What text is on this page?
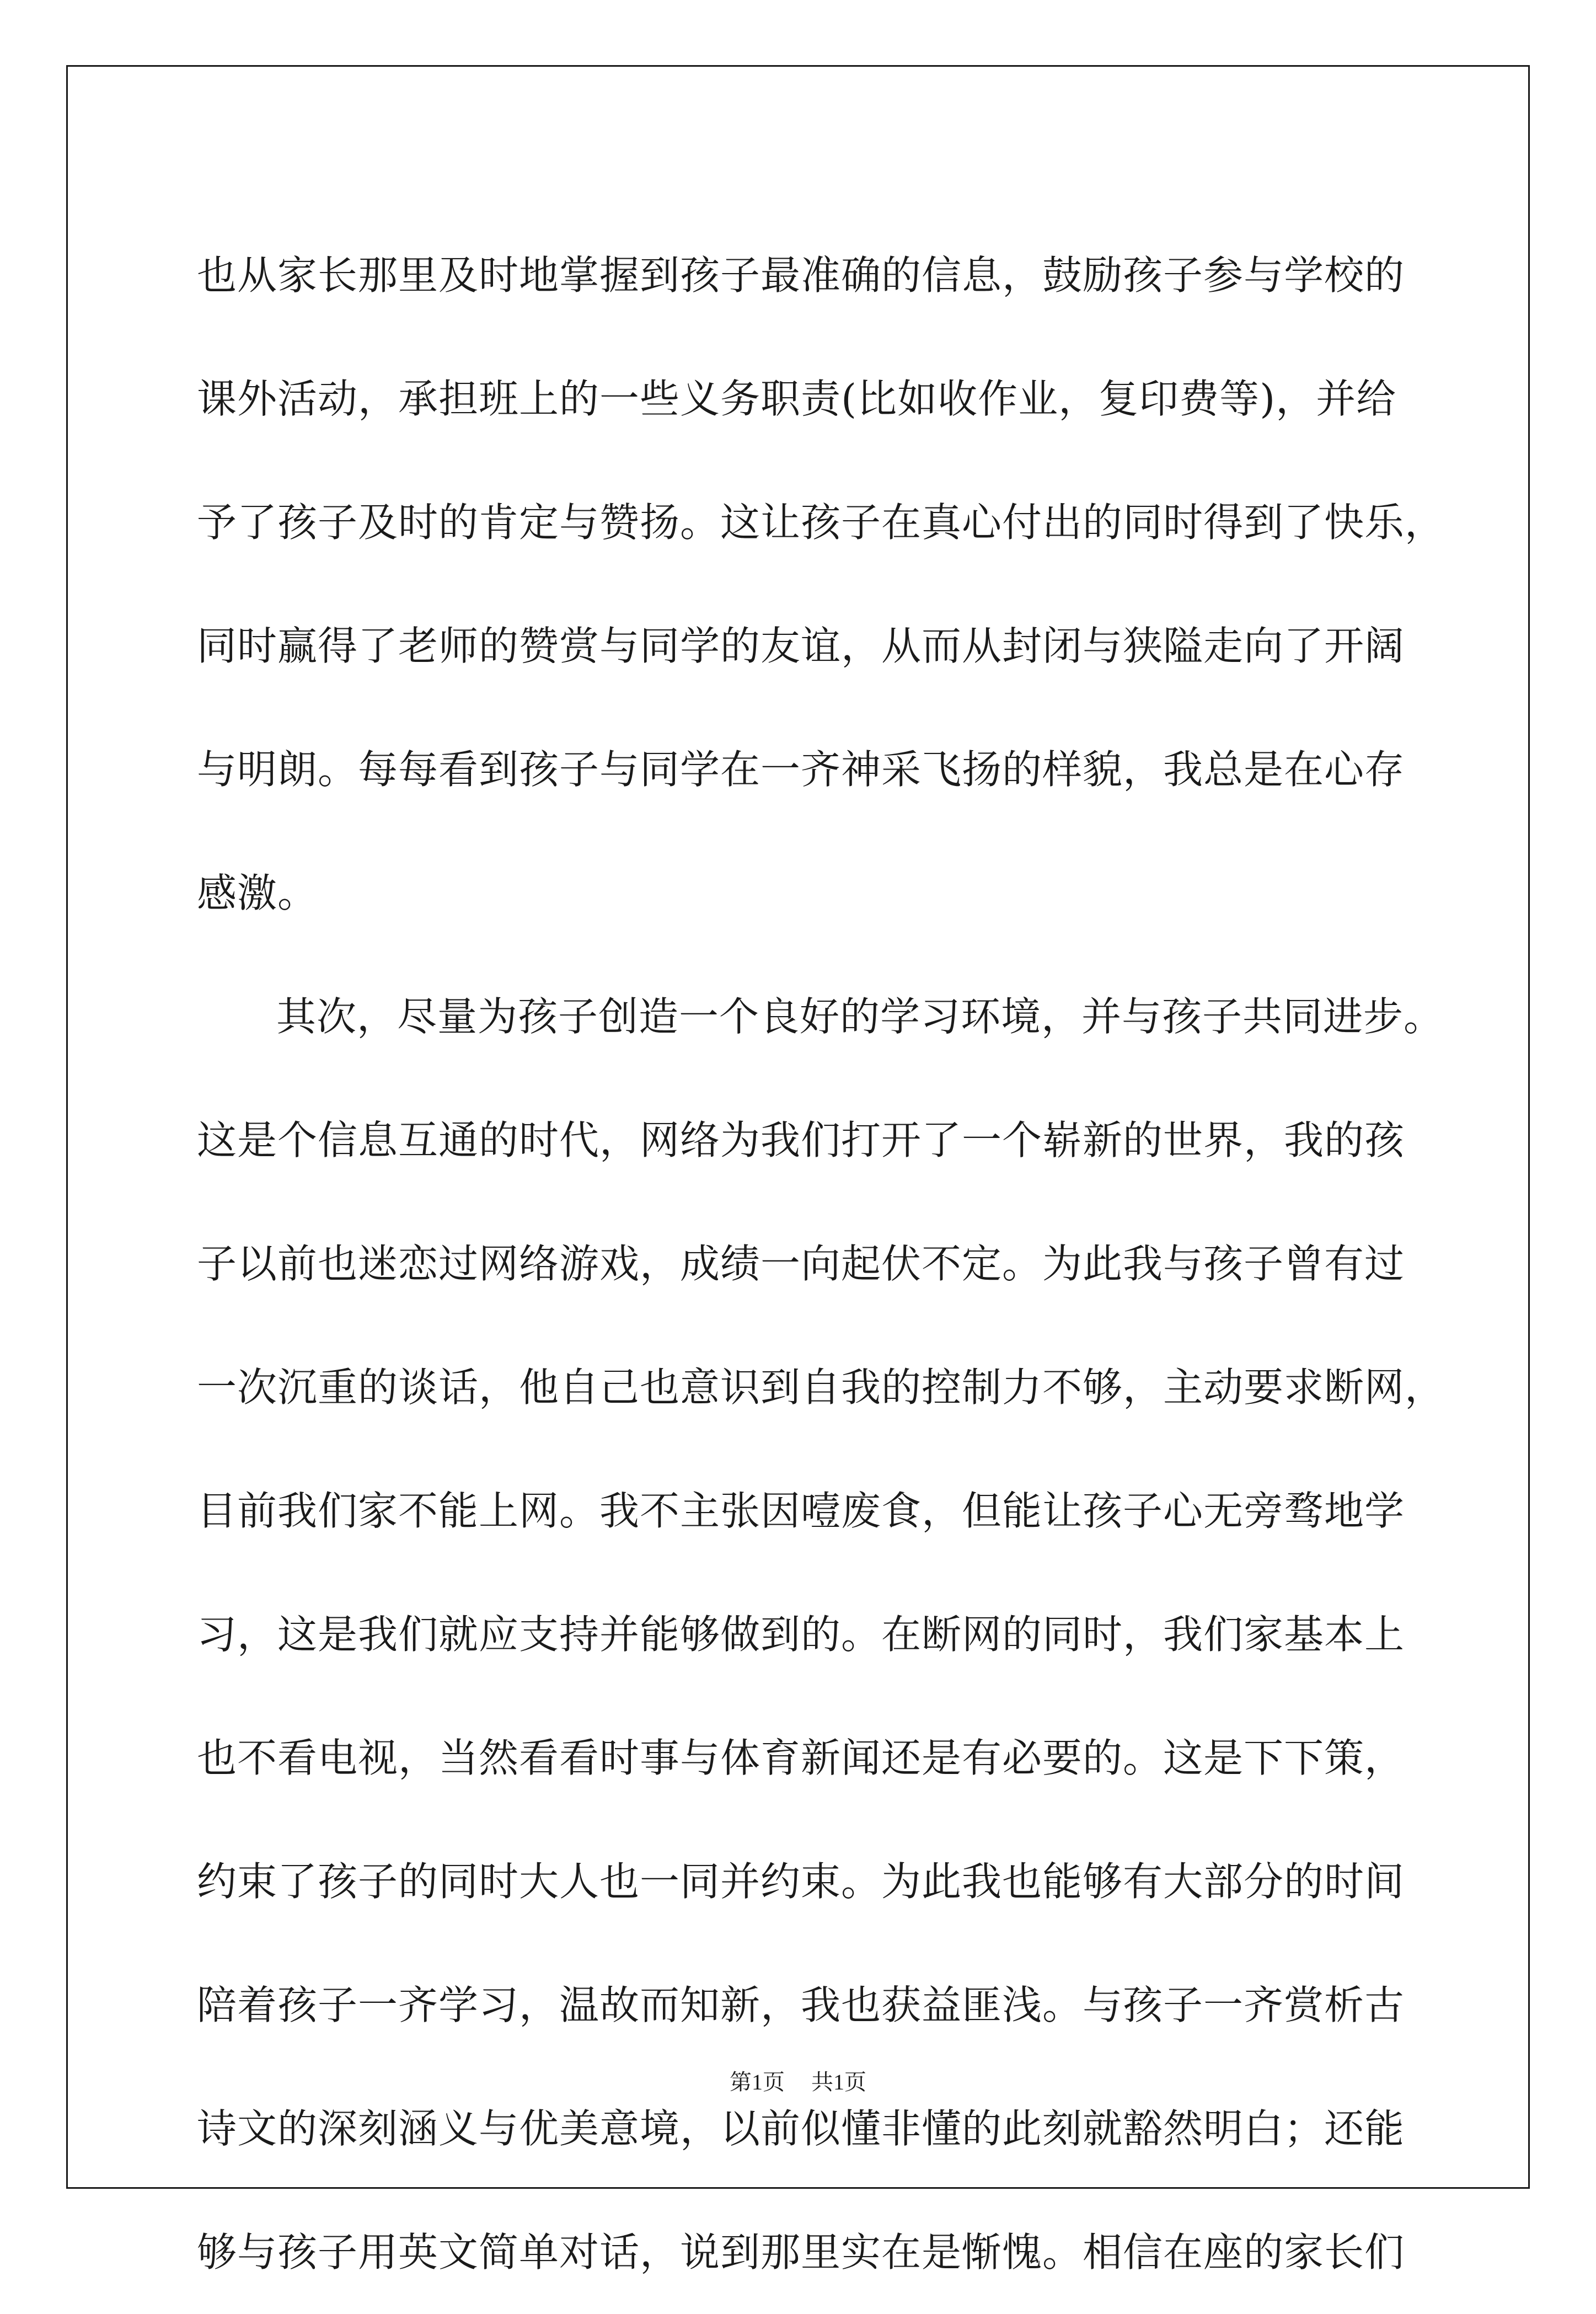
也从家长那里及时地掌握到孩子最准确的信息，鼓励孩子参与学校的
课外活动，承担班上的一些义务职责(比如收作业，复印费等)，并给
予了孩子及时的肯定与赞扬。这让孩子在真心付出的同时得到了快乐，
同时赢得了老师的赞赏与同学的友谊，从而从封闭与狭隘走向了开阔
与明朗。每每看到孩子与同学在一齐神采飞扬的样貌，我总是在心存
感激。
其次，尽量为孩子创造一个良好的学习环境，并与孩子共同进步。
这是个信息互通的时代，网络为我们打开了一个崭新的世界，我的孩
子以前也迷恋过网络游戏，成绩一向起伏不定。为此我与孩子曾有过
一次沉重的谈话，他自己也意识到自我的控制力不够，主动要求断网，
目前我们家不能上网。我不主张因噎废食，但能让孩子心无旁骛地学
习，这是我们就应支持并能够做到的。在断网的同时，我们家基本上
也不看电视，当然看看时事与体育新闻还是有必要的。这是下下策，
约束了孩子的同时大人也一同并约束。为此我也能够有大部分的时间
陪着孩子一齐学习，温故而知新，我也获益匪浅。与孩子一齐赏析古
诗文的深刻涵义与优美意境，以前似懂非懂的此刻就豁然明白；还能
够与孩子用英文简单对话，说到那里实在是惭愧。相信在座的家长们
第1页 共1页
